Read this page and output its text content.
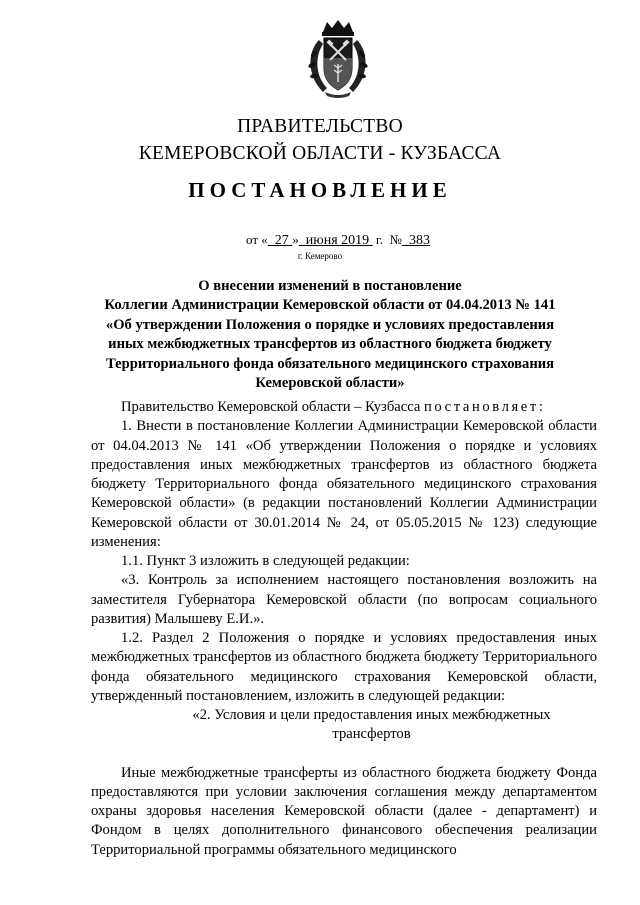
ПРАВИТЕЛЬСТВО
КЕМЕРОВСКОЙ ОБЛАСТИ - КУЗБАССА
ПОСТАНОВЛЕНИЕ
от « 27 » июня 2019 г. № 383
г. Кемерово
О внесении изменений в постановление
Коллегии Администрации Кемеровской области от 04.04.2013 № 141
«Об утверждении Положения о порядке и условиях предоставления
иных межбюджетных трансфертов из областного бюджета бюджету
Территориального фонда обязательного медицинского страхования
Кемеровской области»

Правительство Кемеровской области – Кузбасса постановляет:

1. Внести в постановление Коллегии Администрации Кемеровской области от 04.04.2013 № 141 «Об утверждении Положения о порядке и условиях предоставления иных межбюджетных трансфертов из областного бюджета бюджету Территориального фонда обязательного медицинского страхования Кемеровской области» (в редакции постановлений Коллегии Администрации Кемеровской области от 30.01.2014 № 24, от 05.05.2015 № 123) следующие изменения:

1.1. Пункт 3 изложить в следующей редакции:

«3. Контроль за исполнением настоящего постановления возложить на заместителя Губернатора Кемеровской области (по вопросам социального развития) Малышеву Е.И.».

1.2. Раздел 2 Положения о порядке и условиях предоставления иных межбюджетных трансфертов из областного бюджета бюджету Территориального фонда обязательного медицинского страхования Кемеровской области, утвержденный постановлением, изложить в следующей редакции:

«2. Условия и цели предоставления иных межбюджетных

трансфертов

Иные межбюджетные трансферты из областного бюджета бюджету Фонда предоставляются при условии заключения соглашения между департаментом охраны здоровья населения Кемеровской области (далее - департамент) и Фондом в целях дополнительного финансового обеспечения реализации Территориальной программы обязательного медицинского
